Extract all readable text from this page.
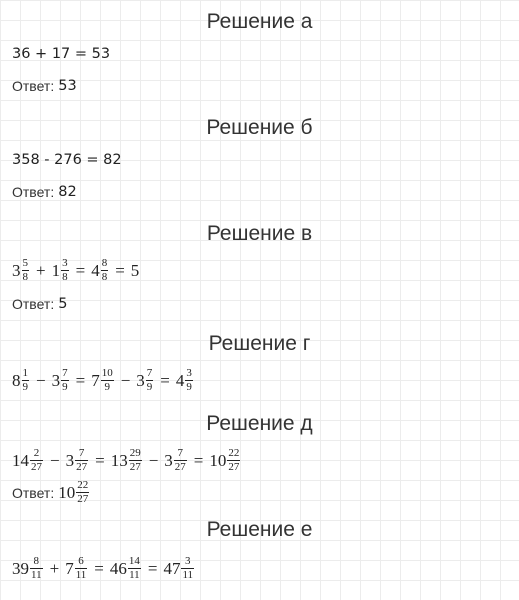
Решение а
36 + 17 = 53
Ответ: 53
Решение б
358 - 276 = 82
Ответ: 82
Решение в
$3 \frac{5}{8} + 1 \frac{3}{8} = 4 \frac{8}{8} = 5$
Ответ: 5
Решение г
$8 \frac{1}{9} - 3 \frac{7}{9} = 7 \frac{10}{9} - 3 \frac{7}{9} = 4 \frac{3}{9}$
Решение д
$14 \frac{2}{27} - 3 \frac{7}{27} = 13 \frac{29}{27} - 3 \frac{7}{27} = 10 \frac{22}{27}$
Ответ: $10 \frac{22}{27}$
Решение е
$39 \frac{8}{11} + 7 \frac{6}{11} = 46 \frac{14}{11} = 47 \frac{3}{11}$
